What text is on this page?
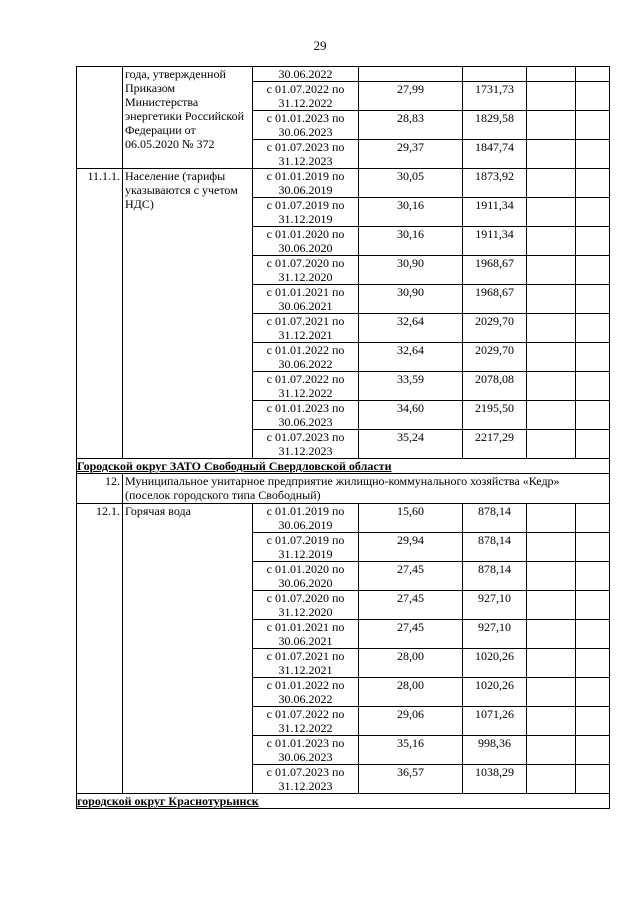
29
	года, утвержденной Приказом Министерства энергетики Российской Федерации от 06.05.2020 № 372	30.06.2022				
		с 01.07.2022 по 31.12.2022	27,99	1731,73		
		с 01.01.2023 по 30.06.2023	28,83	1829,58		
		с 01.07.2023 по 31.12.2023	29,37	1847,74		
11.1.1.	Население (тарифы указываются с учетом НДС)	с 01.01.2019 по 30.06.2019	30,05	1873,92		
		с 01.07.2019 по 31.12.2019	30,16	1911,34		
		с 01.01.2020 по 30.06.2020	30,16	1911,34		
		с 01.07.2020 по 31.12.2020	30,90	1968,67		
		с 01.01.2021 по 30.06.2021	30,90	1968,67		
		с 01.07.2021 по 31.12.2021	32,64	2029,70		
		с 01.01.2022 по 30.06.2022	32,64	2029,70		
		с 01.07.2022 по 31.12.2022	33,59	2078,08		
		с 01.01.2023 по 30.06.2023	34,60	2195,50		
		с 01.07.2023 по 31.12.2023	35,24	2217,29		
Городской округ ЗАТО Свободный Свердловской области						
12.	Муниципальное унитарное предприятие жилищно-коммунального хозяйства «Кедр» (поселок городского типа Свободный)					
12.1.	Горячая вода	с 01.01.2019 по 30.06.2019	15,60	878,14		
		с 01.07.2019 по 31.12.2019	29,94	878,14		
		с 01.01.2020 по 30.06.2020	27,45	878,14		
		с 01.07.2020 по 31.12.2020	27,45	927,10		
		с 01.01.2021 по 30.06.2021	27,45	927,10		
		с 01.07.2021 по 31.12.2021	28,00	1020,26		
		с 01.01.2022 по 30.06.2022	28,00	1020,26		
		с 01.07.2022 по 31.12.2022	29,06	1071,26		
		с 01.01.2023 по 30.06.2023	35,16	998,36		
		с 01.07.2023 по 31.12.2023	36,57	1038,29		
городской округ Краснотурьинск						
